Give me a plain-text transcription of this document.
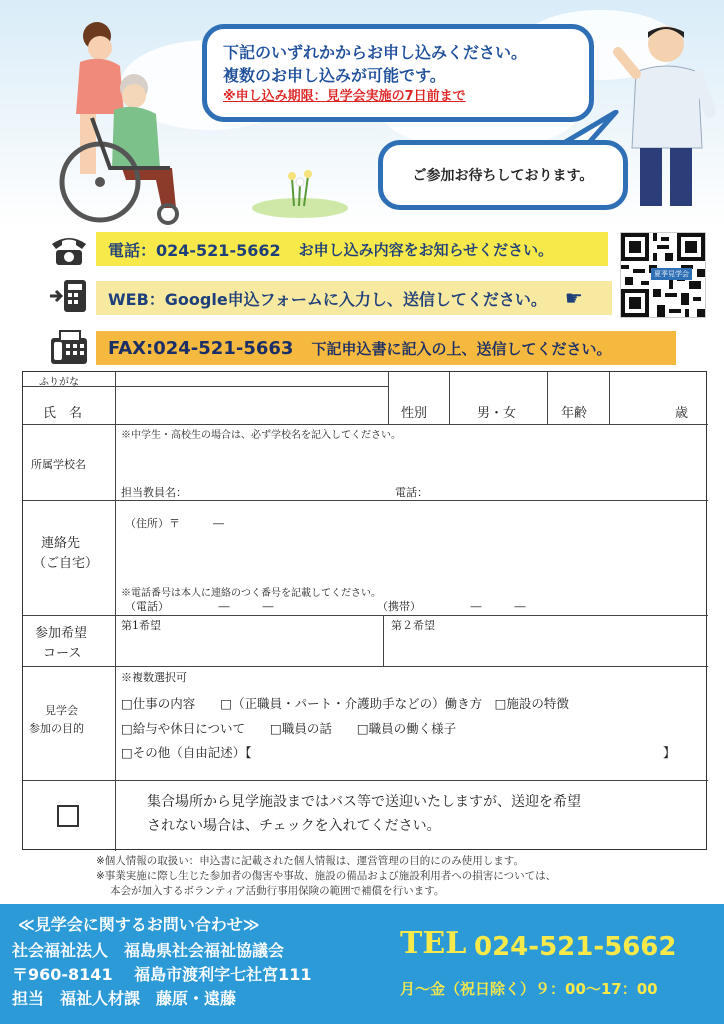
下記のいずれかからお申し込みください。
複数のお申し込みが可能です。
※申し込み期限：見学会実施の7日前まで
ご参加お待ちしております。
電話：024-521-5662 お申し込み内容をお知らせください。
WEB：Google申込フォームに入力し、送信してください。 ☛
夏季見学会
FAX:024-521-5663 下記申込書に記入の上、送信してください。
ふりがな
氏　名	性別	男・女	年齢	歳
所属学校名
※中学生・高校生の場合は、必ず学校名を記入してください。
担当教員名：	電話：
連絡先
（ご自宅）
（住所）〒　　　―
※電話番号は本人に連絡のつく番号を記載してください。
（電話）　　　　　―　　　―	（携帯）　　　　　―　　　―
参加希望
コース
第1希望	第２希望
見学会
参加の目的
※複数選択可
□仕事の内容　　□（正職員・パート・介護助手などの）働き方　□施設の特徴
□給与や休日について　　□職員の話　　□職員の働く様子
□その他（自由記述）【	】
集合場所から見学施設まではバス等で送迎いたしますが、送迎を希望
されない場合は、チェックを入れてください。
※個人情報の取扱い：申込書に記載された個人情報は、運営管理の目的にのみ使用します。
※事業実施に際し生じた参加者の傷害や事故、施設の備品および施設利用者への損害については、
本会が加入するボランティア活動行事用保険の範囲で補償を行います。
≪見学会に関するお問い合わせ≫
社会福祉法人　福島県社会福祉協議会
〒960-8141　 福島市渡利字七社宮111
担当　福祉人材課　藤原・遠藤
TEL 024-521-5662
月～金（祝日除く）９：00～17：00
